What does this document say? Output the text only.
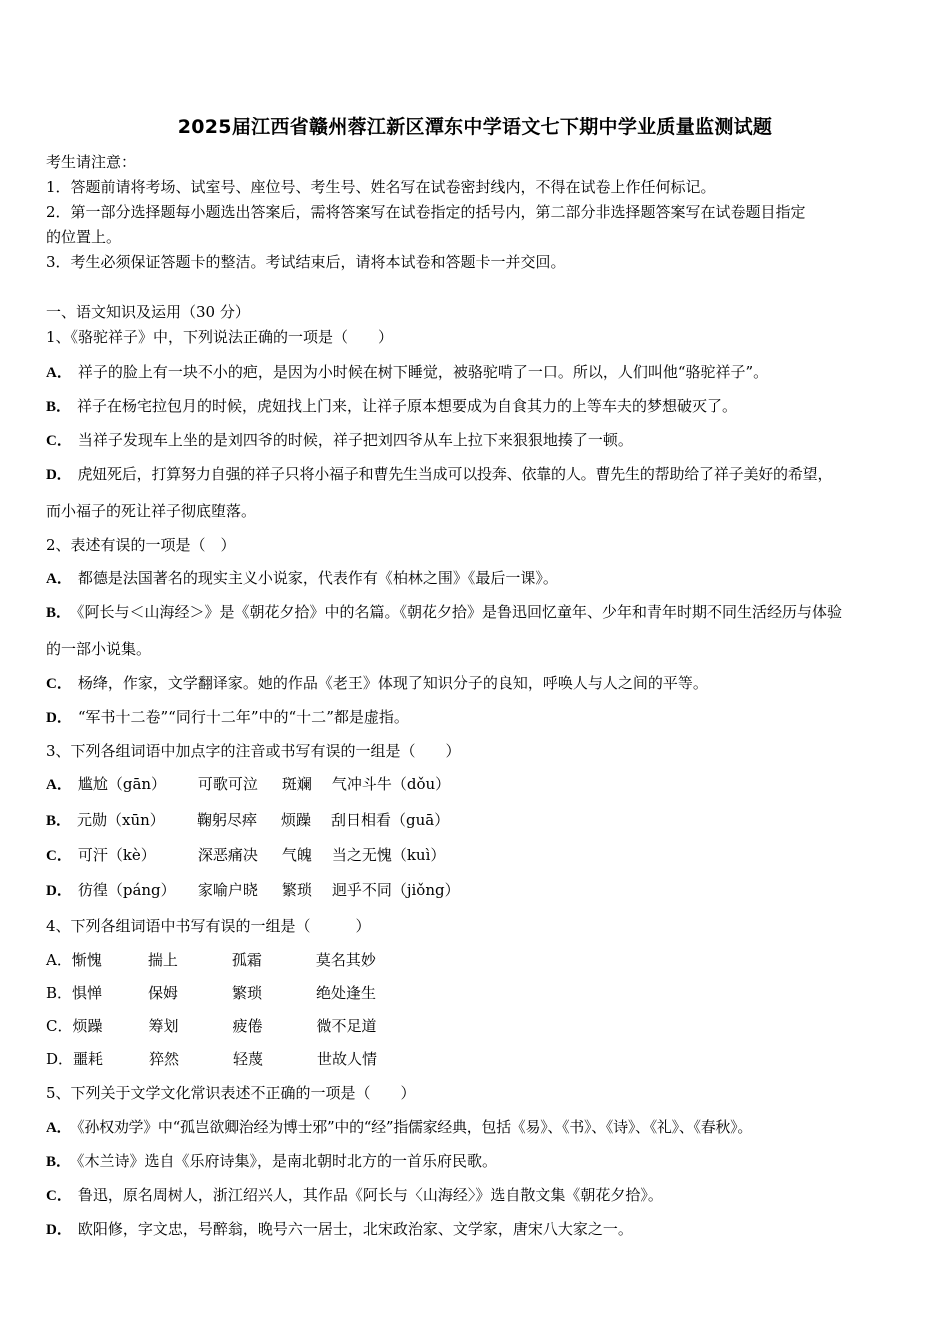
2025届江西省赣州蓉江新区潭东中学语文七下期中学业质量监测试题
考生请注意：
1．答题前请将考场、试室号、座位号、考生号、姓名写在试卷密封线内，不得在试卷上作任何标记。
2．第一部分选择题每小题选出答案后，需将答案写在试卷指定的括号内，第二部分非选择题答案写在试卷题目指定
的位置上。
3．考生必须保证答题卡的整洁。考试结束后，请将本试卷和答题卡一并交回。
一、语文知识及运用（30 分）
1、《骆驼祥子》中，下列说法正确的一项是（　　）
A． 祥子的脸上有一块不小的疤，是因为小时候在树下睡觉，被骆驼啃了一口。所以，人们叫他“骆驼祥子”。
B． 祥子在杨宅拉包月的时候，虎妞找上门来，让祥子原本想要成为自食其力的上等车夫的梦想破灭了。
C． 当祥子发现车上坐的是刘四爷的时候，祥子把刘四爷从车上拉下来狠狠地揍了一顿。
D． 虎妞死后，打算努力自强的祥子只将小福子和曹先生当成可以投奔、依靠的人。曹先生的帮助给了祥子美好的希望，
而小福子的死让祥子彻底堕落。
2、表述有误的一项是（　）
A． 都德是法国著名的现实主义小说家，代表作有《柏林之围》《最后一课》。
B． 《阿长与＜山海经＞》是《朝花夕拾》中的名篇。《朝花夕拾》是鲁迅回忆童年、少年和青年时期不同生活经历与体验
的一部小说集。
C． 杨绛，作家，文学翻译家。她的作品《老王》体现了知识分子的良知，呼唤人与人之间的平等。
D． “军书十二卷”“同行十二年”中的“十二”都是虚指。
3、下列各组词语中加点字的注音或书写有误的一组是（　　）
A． 尴尬（gān） 可歌可泣 斑斓 气冲斗牛（dǒu）
B． 元勋（xūn） 鞠躬尽瘁 烦躁 刮日相看（guā）
C． 可汗（kè）	深恶痛决 气魄 当之无愧（kuì）
D． 彷徨（páng） 家喻户晓 繁琐 迥乎不同（jiǒng）
4、下列各组词语中书写有误的一组是（　　　）
A．惭愧	揣上	孤霜	莫名其妙
B．惧惮	保姆	繁琐	绝处逢生
C．烦躁	筹划	疲倦	微不足道
D．噩耗	猝然	轻蔑	世故人情
5、下列关于文学文化常识表述不正确的一项是（　　）
A． 《孙权劝学》中“孤岂欲卿治经为博士邪”中的“经”指儒家经典，包括《易》、《书》、《诗》、《礼》、《春秋》。
B． 《木兰诗》选自《乐府诗集》，是南北朝时北方的一首乐府民歌。
C． 鲁迅，原名周树人，浙江绍兴人，其作品《阿长与〈山海经〉》选自散文集《朝花夕拾》。
D． 欧阳修，字文忠，号醉翁，晚号六一居士，北宋政治家、文学家，唐宋八大家之一。
